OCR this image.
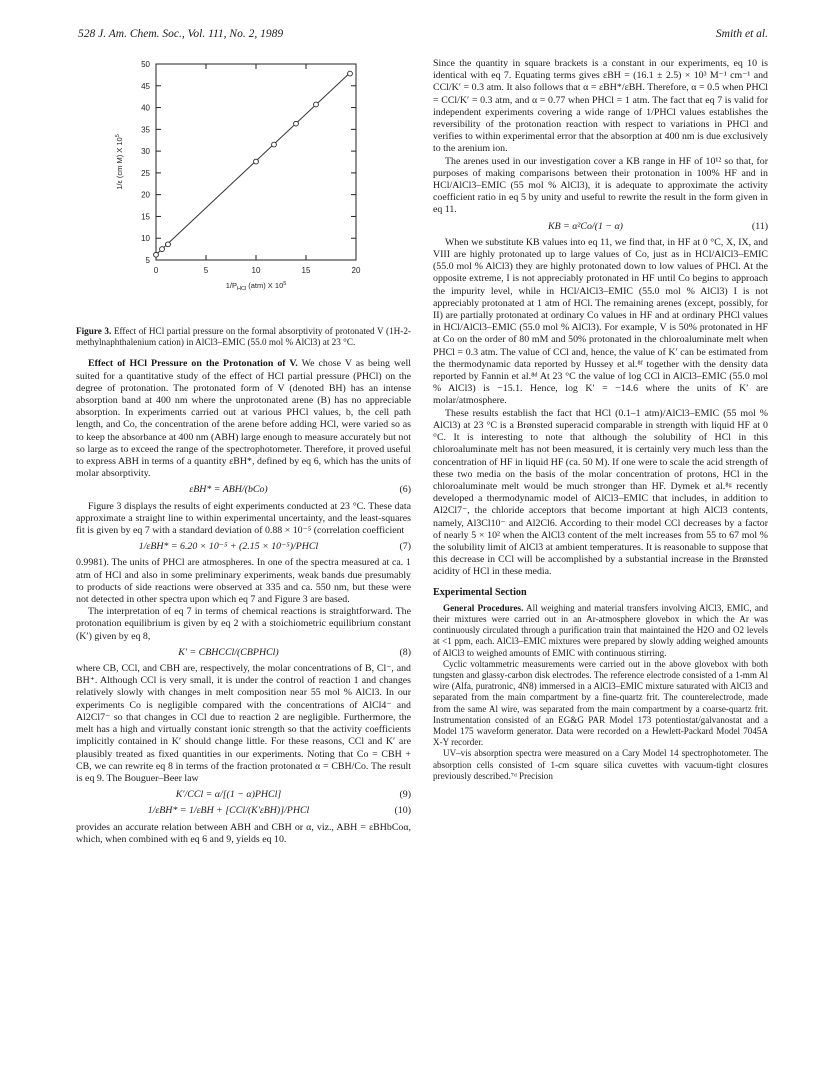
528 J. Am. Chem. Soc., Vol. 111, No. 2, 1989	Smith et al.
0	5	10	15	20
5
10
15
20
25
30
35
40
45
50
$1/P_{HCl}$ (atm) X $10^5$
1/ε (cm M) X $10^5$
Figure 3. Effect of HCl partial pressure on the formal absorptivity of protonated V (1H-2-methylnaphthalenium cation) in AlCl3–EMIC (55.0 mol % AlCl3) at 23 °C.

Effect of HCl Pressure on the Protonation of V. We chose V as being well suited for a quantitative study of the effect of HCl partial pressure (PHCl) on the degree of protonation. The protonated form of V (denoted BH) has an intense absorption band at 400 nm where the unprotonated arene (B) has no appreciable absorption. In experiments carried out at various PHCl values, b, the cell path length, and Co, the concentration of the arene before adding HCl, were varied so as to keep the absorbance at 400 nm (ABH) large enough to measure accurately but not so large as to exceed the range of the spectrophotometer. Therefore, it proved useful to express ABH in terms of a quantity εBH*, defined by eq 6, which has the units of molar absorptivity.

εBH* = ABH/(bCo)	(6)

Figure 3 displays the results of eight experiments conducted at 23 °C. These data approximate a straight line to within experimental uncertainty, and the least-squares fit is given by eq 7 with a standard deviation of 0.88 × 10⁻⁵ (correlation coefficient

1/εBH* = 6.20 × 10⁻⁵ + (2.15 × 10⁻⁵)/PHCl	(7)

0.9981). The units of PHCl are atmospheres. In one of the spectra measured at ca. 1 atm of HCl and also in some preliminary experiments, weak bands due presumably to products of side reactions were observed at 335 and ca. 550 nm, but these were not detected in other spectra upon which eq 7 and Figure 3 are based.

The interpretation of eq 7 in terms of chemical reactions is straightforward. The protonation equilibrium is given by eq 2 with a stoichiometric equilibrium constant (K′) given by eq 8,

K′ = CBHCCl/(CBPHCl)	(8)

where CB, CCl, and CBH are, respectively, the molar concentrations of B, Cl⁻, and BH⁺. Although CCl is very small, it is under the control of reaction 1 and changes relatively slowly with changes in melt composition near 55 mol % AlCl3. In our experiments Co is negligible compared with the concentrations of AlCl4⁻ and Al2Cl7⁻ so that changes in CCl due to reaction 2 are negligible. Furthermore, the melt has a high and virtually constant ionic strength so that the activity coefficients implicitly contained in K′ should change little. For these reasons, CCl and K′ are plausibly treated as fixed quantities in our experiments. Noting that Co = CBH + CB, we can rewrite eq 8 in terms of the fraction protonated α = CBH/Co. The result is eq 9. The Bouguer–Beer law

K′/CCl = α/[(1 − α)PHCl]	(9)
1/εBH* = 1/εBH + [CCl/(K′εBH)]/PHCl	(10)

provides an accurate relation between ABH and CBH or α, viz., ABH = εBHbCoα, which, when combined with eq 6 and 9, yields eq 10.

Since the quantity in square brackets is a constant in our experiments, eq 10 is identical with eq 7. Equating terms gives εBH = (16.1 ± 2.5) × 10³ M⁻¹ cm⁻¹ and CCl/K′ = 0.3 atm. It also follows that α = εBH*/εBH. Therefore, α = 0.5 when PHCl = CCl/K′ = 0.3 atm, and α = 0.77 when PHCl = 1 atm. The fact that eq 7 is valid for independent experiments covering a wide range of 1/PHCl values establishes the reversibility of the protonation reaction with respect to variations in PHCl and verifies to within experimental error that the absorption at 400 nm is due exclusively to the arenium ion.

The arenes used in our investigation cover a KB range in HF of 10¹² so that, for purposes of making comparisons between their protonation in 100% HF and in HCl/AlCl3–EMIC (55 mol % AlCl3), it is adequate to approximate the activity coefficient ratio in eq 5 by unity and useful to rewrite the result in the form given in eq 11.

KB = α²Co/(1 − α)	(11)

When we substitute KB values into eq 11, we find that, in HF at 0 °C, X, IX, and VIII are highly protonated up to large values of Co, just as in HCl/AlCl3–EMIC (55.0 mol % AlCl3) they are highly protonated down to low values of PHCl. At the opposite extreme, I is not appreciably protonated in HF until Co begins to approach the impurity level, while in HCl/AlCl3–EMIC (55.0 mol % AlCl3) I is not appreciably protonated at 1 atm of HCl. The remaining arenes (except, possibly, for II) are partially protonated at ordinary Co values in HF and at ordinary PHCl values in HCl/AlCl3–EMIC (55.0 mol % AlCl3). For example, V is 50% protonated in HF at Co on the order of 80 mM and 50% protonated in the chloroaluminate melt when PHCl = 0.3 atm. The value of CCl and, hence, the value of K′ can be estimated from the thermodynamic data reported by Hussey et al.⁸ᶠ together with the density data reported by Fannin et al.⁸ᵈ At 23 °C the value of log CCl in AlCl3–EMIC (55.0 mol % AlCl3) is −15.1. Hence, log K′ = −14.6 where the units of K′ are molar/atmosphere.

These results establish the fact that HCl (0.1–1 atm)/AlCl3–EMIC (55 mol % AlCl3) at 23 °C is a Brønsted superacid comparable in strength with liquid HF at 0 °C. It is interesting to note that although the solubility of HCl in this chloroaluminate melt has not been measured, it is certainly very much less than the concentration of HF in liquid HF (ca. 50 M). If one were to scale the acid strength of these two media on the basis of the molar concentration of protons, HCl in the chloroaluminate melt would be much stronger than HF. Dymek et al.⁸ᵍ recently developed a thermodynamic model of AlCl3–EMIC that includes, in addition to Al2Cl7⁻, the chloride acceptors that become important at high AlCl3 contents, namely, Al3Cl10⁻ and Al2Cl6. According to their model CCl decreases by a factor of nearly 5 × 10² when the AlCl3 content of the melt increases from 55 to 67 mol % the solubility limit of AlCl3 at ambient temperatures. It is reasonable to suppose that this decrease in CCl will be accomplished by a substantial increase in the Brønsted acidity of HCl in these media.

Experimental Section

General Procedures. All weighing and material transfers involving AlCl3, EMIC, and their mixtures were carried out in an Ar-atmosphere glovebox in which the Ar was continuously circulated through a purification train that maintained the H2O and O2 levels at <1 ppm, each. AlCl3–EMIC mixtures were prepared by slowly adding weighed amounts of AlCl3 to weighed amounts of EMIC with continuous stirring.

Cyclic voltammetric measurements were carried out in the above glovebox with both tungsten and glassy-carbon disk electrodes. The reference electrode consisted of a 1-mm Al wire (Alfa, puratronic, 4N8) immersed in a AlCl3–EMIC mixture saturated with AlCl3 and separated from the main compartment by a fine-quartz frit. The counterelectrode, made from the same Al wire, was separated from the main compartment by a coarse-quartz frit. Instrumentation consisted of an EG&G PAR Model 173 potentiostat/galvanostat and a Model 175 waveform generator. Data were recorded on a Hewlett-Packard Model 7045A X-Y recorder.

UV–vis absorption spectra were measured on a Cary Model 14 spectrophotometer. The absorption cells consisted of 1-cm square silica cuvettes with vacuum-tight closures previously described.⁷ᵈ Precision
